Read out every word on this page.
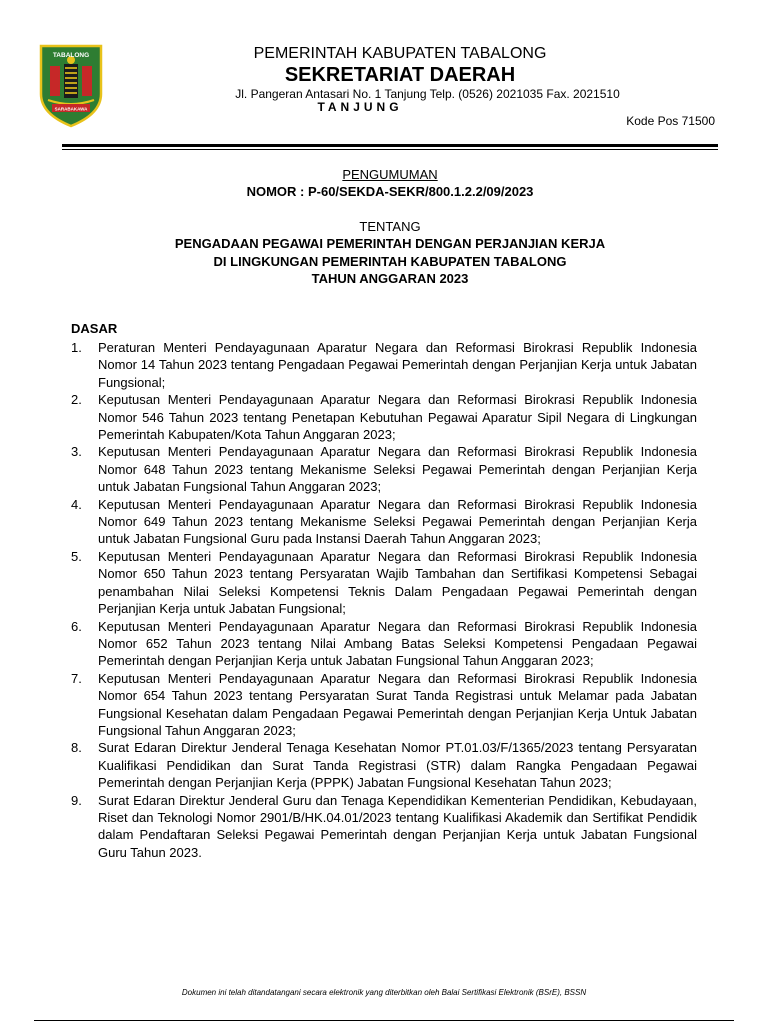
TABALONG
SARABAKAWA
PEMERINTAH KABUPATEN TABALONG
SEKRETARIAT DAERAH
Jl. Pangeran Antasari No. 1 Tanjung Telp. (0526) 2021035 Fax. 2021510
TANJUNG
Kode Pos 71500
PENGUMUMAN
NOMOR : P-60/SEKDA-SEKR/800.1.2.2/09/2023
TENTANG
PENGADAAN PEGAWAI PEMERINTAH DENGAN PERJANJIAN KERJA
DI LINGKUNGAN PEMERINTAH KABUPATEN TABALONG
TAHUN ANGGARAN 2023
DASAR
1.	Peraturan Menteri Pendayagunaan Aparatur Negara dan Reformasi Birokrasi Republik Indonesia Nomor 14 Tahun 2023 tentang Pengadaan Pegawai Pemerintah dengan Perjanjian Kerja untuk Jabatan Fungsional;
2.	Keputusan Menteri Pendayagunaan Aparatur Negara dan Reformasi Birokrasi Republik Indonesia Nomor 546 Tahun 2023 tentang Penetapan Kebutuhan Pegawai Aparatur Sipil Negara di Lingkungan Pemerintah Kabupaten/Kota Tahun Anggaran 2023;
3.	Keputusan Menteri Pendayagunaan Aparatur Negara dan Reformasi Birokrasi Republik Indonesia Nomor 648 Tahun 2023 tentang Mekanisme Seleksi Pegawai Pemerintah dengan Perjanjian Kerja untuk Jabatan Fungsional Tahun Anggaran 2023;
4.	Keputusan Menteri Pendayagunaan Aparatur Negara dan Reformasi Birokrasi Republik Indonesia Nomor 649 Tahun 2023 tentang Mekanisme Seleksi Pegawai Pemerintah dengan Perjanjian Kerja untuk Jabatan Fungsional Guru pada Instansi Daerah Tahun Anggaran 2023;
5.	Keputusan Menteri Pendayagunaan Aparatur Negara dan Reformasi Birokrasi Republik Indonesia Nomor 650 Tahun 2023 tentang Persyaratan Wajib Tambahan dan Sertifikasi Kompetensi Sebagai penambahan Nilai Seleksi Kompetensi Teknis Dalam Pengadaan Pegawai Pemerintah dengan Perjanjian Kerja untuk Jabatan Fungsional;
6.	Keputusan Menteri Pendayagunaan Aparatur Negara dan Reformasi Birokrasi Republik Indonesia Nomor 652 Tahun 2023 tentang Nilai Ambang Batas Seleksi Kompetensi Pengadaan Pegawai Pemerintah dengan Perjanjian Kerja untuk Jabatan Fungsional Tahun Anggaran 2023;
7.	Keputusan Menteri Pendayagunaan Aparatur Negara dan Reformasi Birokrasi Republik Indonesia Nomor 654 Tahun 2023 tentang Persyaratan Surat Tanda Registrasi untuk Melamar pada Jabatan Fungsional Kesehatan dalam Pengadaan Pegawai Pemerintah dengan Perjanjian Kerja Untuk Jabatan Fungsional Tahun Anggaran 2023;
8.	Surat Edaran Direktur Jenderal Tenaga Kesehatan Nomor PT.01.03/F/1365/2023 tentang Persyaratan Kualifikasi Pendidikan dan Surat Tanda Registrasi (STR) dalam Rangka Pengadaan Pegawai Pemerintah dengan Perjanjian Kerja (PPPK) Jabatan Fungsional Kesehatan Tahun 2023;
9.	Surat Edaran Direktur Jenderal Guru dan Tenaga Kependidikan Kementerian Pendidikan, Kebudayaan, Riset dan Teknologi Nomor 2901/B/HK.04.01/2023 tentang Kualifikasi Akademik dan Sertifikat Pendidik dalam Pendaftaran Seleksi Pegawai Pemerintah dengan Perjanjian Kerja untuk Jabatan Fungsional Guru Tahun 2023.
Dokumen ini telah ditandatangani secara elektronik yang diterbitkan oleh Balai Sertifikasi Elektronik (BSrE), BSSN
